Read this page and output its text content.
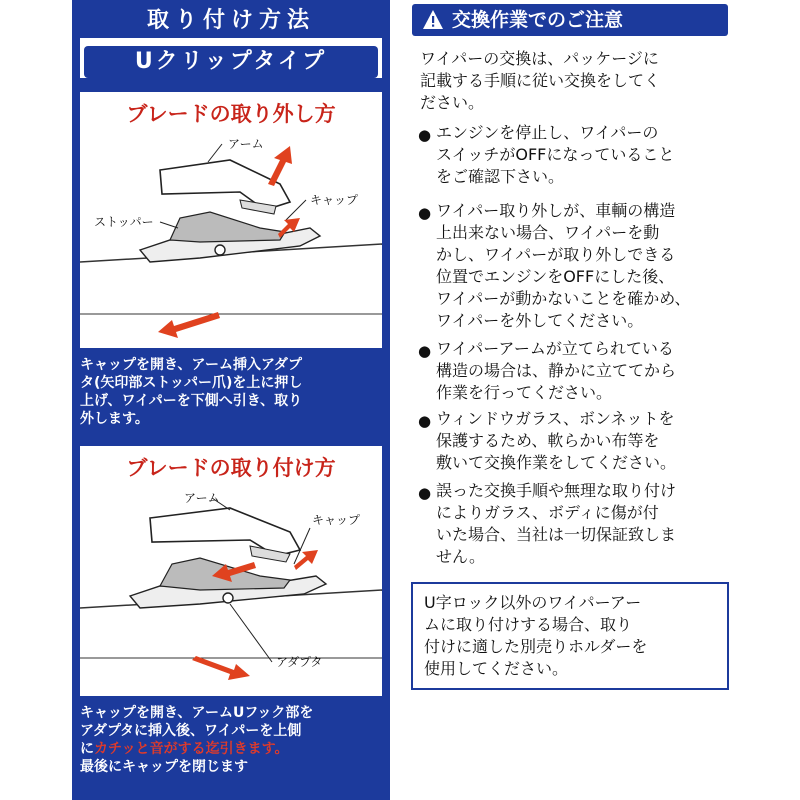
取り付け方法
Uクリップタイプ
ブレードの取り外し方
アーム
キャップ
ストッパー
キャップを開き、アーム挿入アダプ
タ(矢印部ストッパー爪)を上に押し
上げ、ワイパーを下側へ引き、取り
外します。
ブレードの取り付け方
アーム
キャップ
アダプタ
キャップを開き、アームUフック部を
アダプタに挿入後、ワイパーを上側
にカチッと音がする迄引きます。
最後にキャップを閉じます
交換作業でのご注意
ワイパーの交換は、パッケージに
記載する手順に従い交換をしてく
ださい。
● エンジンを停止し、ワイパーの
スイッチがOFFになっていること
をご確認下さい。
● ワイパー取り外しが、車輌の構造
上出来ない場合、ワイパーを動
かし、ワイパーが取り外しできる
位置でエンジンをOFFにした後、
ワイパーが動かないことを確かめ、
ワイパーを外してください。
● ワイパーアームが立てられている
構造の場合は、静かに立ててから
作業を行ってください。
● ウィンドウガラス、ボンネットを
保護するため、軟らかい布等を
敷いて交換作業をしてください。
● 誤った交換手順や無理な取り付け
によりガラス、ボディに傷が付
いた場合、当社は一切保証致しま
せん。
U字ロック以外のワイパーアー
ムに取り付けする場合、取り
付けに適した別売りホルダーを
使用してください。
